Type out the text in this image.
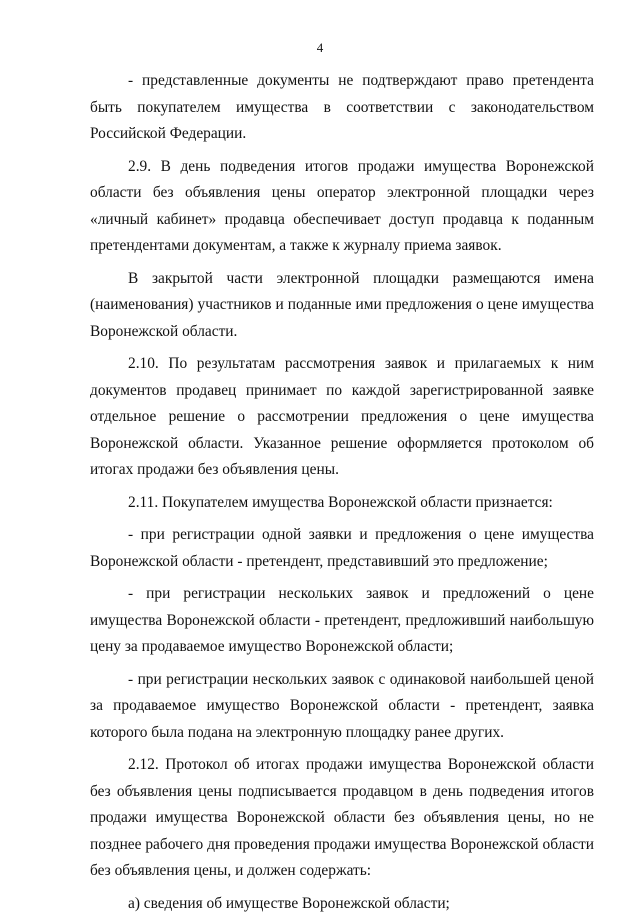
4

- представленные документы не подтверждают право претендента быть покупателем имущества в соответствии с законодательством Российской Федерации.

2.9. В день подведения итогов продажи имущества Воронежской области без объявления цены оператор электронной площадки через «личный кабинет» продавца обеспечивает доступ продавца к поданным претендентами документам, а также к журналу приема заявок.

В закрытой части электронной площадки размещаются имена (наименования) участников и поданные ими предложения о цене имущества Воронежской области.

2.10. По результатам рассмотрения заявок и прилагаемых к ним документов продавец принимает по каждой зарегистрированной заявке отдельное решение о рассмотрении предложения о цене имущества Воронежской области. Указанное решение оформляется протоколом об итогах продажи без объявления цены.

2.11. Покупателем имущества Воронежской области признается:

- при регистрации одной заявки и предложения о цене имущества Воронежской области - претендент, представивший это предложение;

- при регистрации нескольких заявок и предложений о цене имущества Воронежской области - претендент, предложивший наибольшую цену за продаваемое имущество Воронежской области;

- при регистрации нескольких заявок с одинаковой наибольшей ценой за продаваемое имущество Воронежской области - претендент, заявка которого была подана на электронную площадку ранее других.

2.12. Протокол об итогах продажи имущества Воронежской области без объявления цены подписывается продавцом в день подведения итогов продажи имущества Воронежской области без объявления цены, но не позднее рабочего дня проведения продажи имущества Воронежской области без объявления цены, и должен содержать:

а) сведения об имуществе Воронежской области;
